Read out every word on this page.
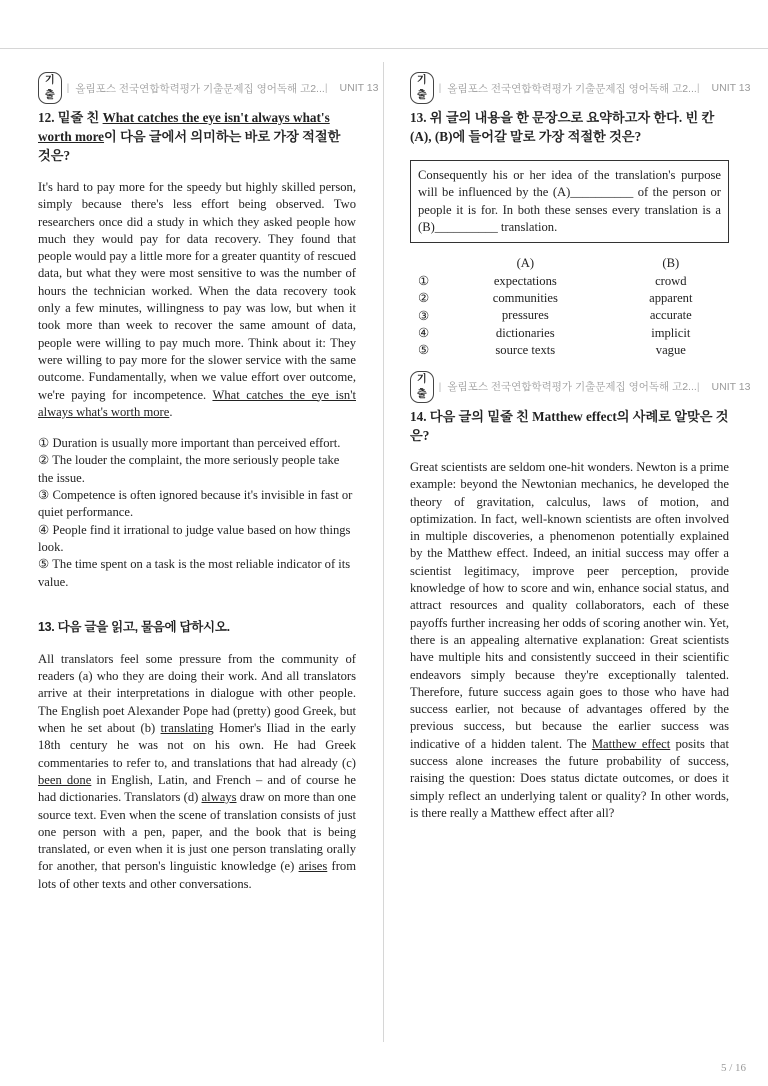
기출
| 올림포스 전국연합학력평가 기출문제집 영어독해 고2... | UNIT 13

12. 밑줄 친 What catches the eye isn't always what's worth more이 다음 글에서 의미하는 바로 가장 적절한 것은?

It's hard to pay more for the speedy but highly skilled person, simply because there's less effort being observed. Two researchers once did a study in which they asked people how much they would pay for data recovery. They found that people would pay a little more for a greater quantity of rescued data, but what they were most sensitive to was the number of hours the technician worked. When the data recovery took only a few minutes, willingness to pay was low, but when it took more than week to recover the same amount of data, people were willing to pay much more. Think about it: They were willing to pay more for the slower service with the same outcome. Fundamentally, when we value effort over outcome, we're paying for incompetence. What catches the eye isn't always what's worth more.

① Duration is usually more important than perceived effort.
② The louder the complaint, the more seriously people take the issue.
③ Competence is often ignored because it's invisible in fast or quiet performance.
④ People find it irrational to judge value based on how things look.
⑤ The time spent on a task is the most reliable indicator of its value.
13. 다음 글을 읽고, 물음에 답하시오.

All translators feel some pressure from the community of readers (a) who they are doing their work. And all translators arrive at their interpretations in dialogue with other people. The English poet Alexander Pope had (pretty) good Greek, but when he set about (b) translating Homer's Iliad in the early 18th century he was not on his own. He had Greek commentaries to refer to, and translations that had already (c) been done in English, Latin, and French – and of course he had dictionaries. Translators (d) always draw on more than one source text. Even when the scene of translation consists of just one person with a pen, paper, and the book that is being translated, or even when it is just one person translating orally for another, that person's linguistic knowledge (e) arises from lots of other texts and other conversations.

기출
| 올림포스 전국연합학력평가 기출문제집 영어독해 고2... | UNIT 13

13. 위 글의 내용을 한 문장으로 요약하고자 한다. 빈 칸 (A), (B)에 들어갈 말로 가장 적절한 것은?

Consequently his or her idea of the translation's purpose will be influenced by the (A)__________ of the person or people it is for. In both these senses every translation is a (B)__________ translation.
	(A)	(B)
①	expectations	crowd
②	communities	apparent
③	pressures	accurate
④	dictionaries	implicit
⑤	source texts	vague
기출
| 올림포스 전국연합학력평가 기출문제집 영어독해 고2... | UNIT 13

14. 다음 글의 밑줄 친 Matthew effect의 사례로 알맞은 것은?

Great scientists are seldom one-hit wonders. Newton is a prime example: beyond the Newtonian mechanics, he developed the theory of gravitation, calculus, laws of motion, and optimization. In fact, well-known scientists are often involved in multiple discoveries, a phenomenon potentially explained by the Matthew effect. Indeed, an initial success may offer a scientist legitimacy, improve peer perception, provide knowledge of how to score and win, enhance social status, and attract resources and quality collaborators, each of these payoffs further increasing her odds of scoring another win. Yet, there is an appealing alternative explanation: Great scientists have multiple hits and consistently succeed in their scientific endeavors simply because they're exceptionally talented. Therefore, future success again goes to those who have had success earlier, not because of advantages offered by the previous success, but because the earlier success was indicative of a hidden talent. The Matthew effect posits that success alone increases the future probability of success, raising the question: Does status dictate outcomes, or does it simply reflect an underlying talent or quality? In other words, is there really a Matthew effect after all?

5 / 16
